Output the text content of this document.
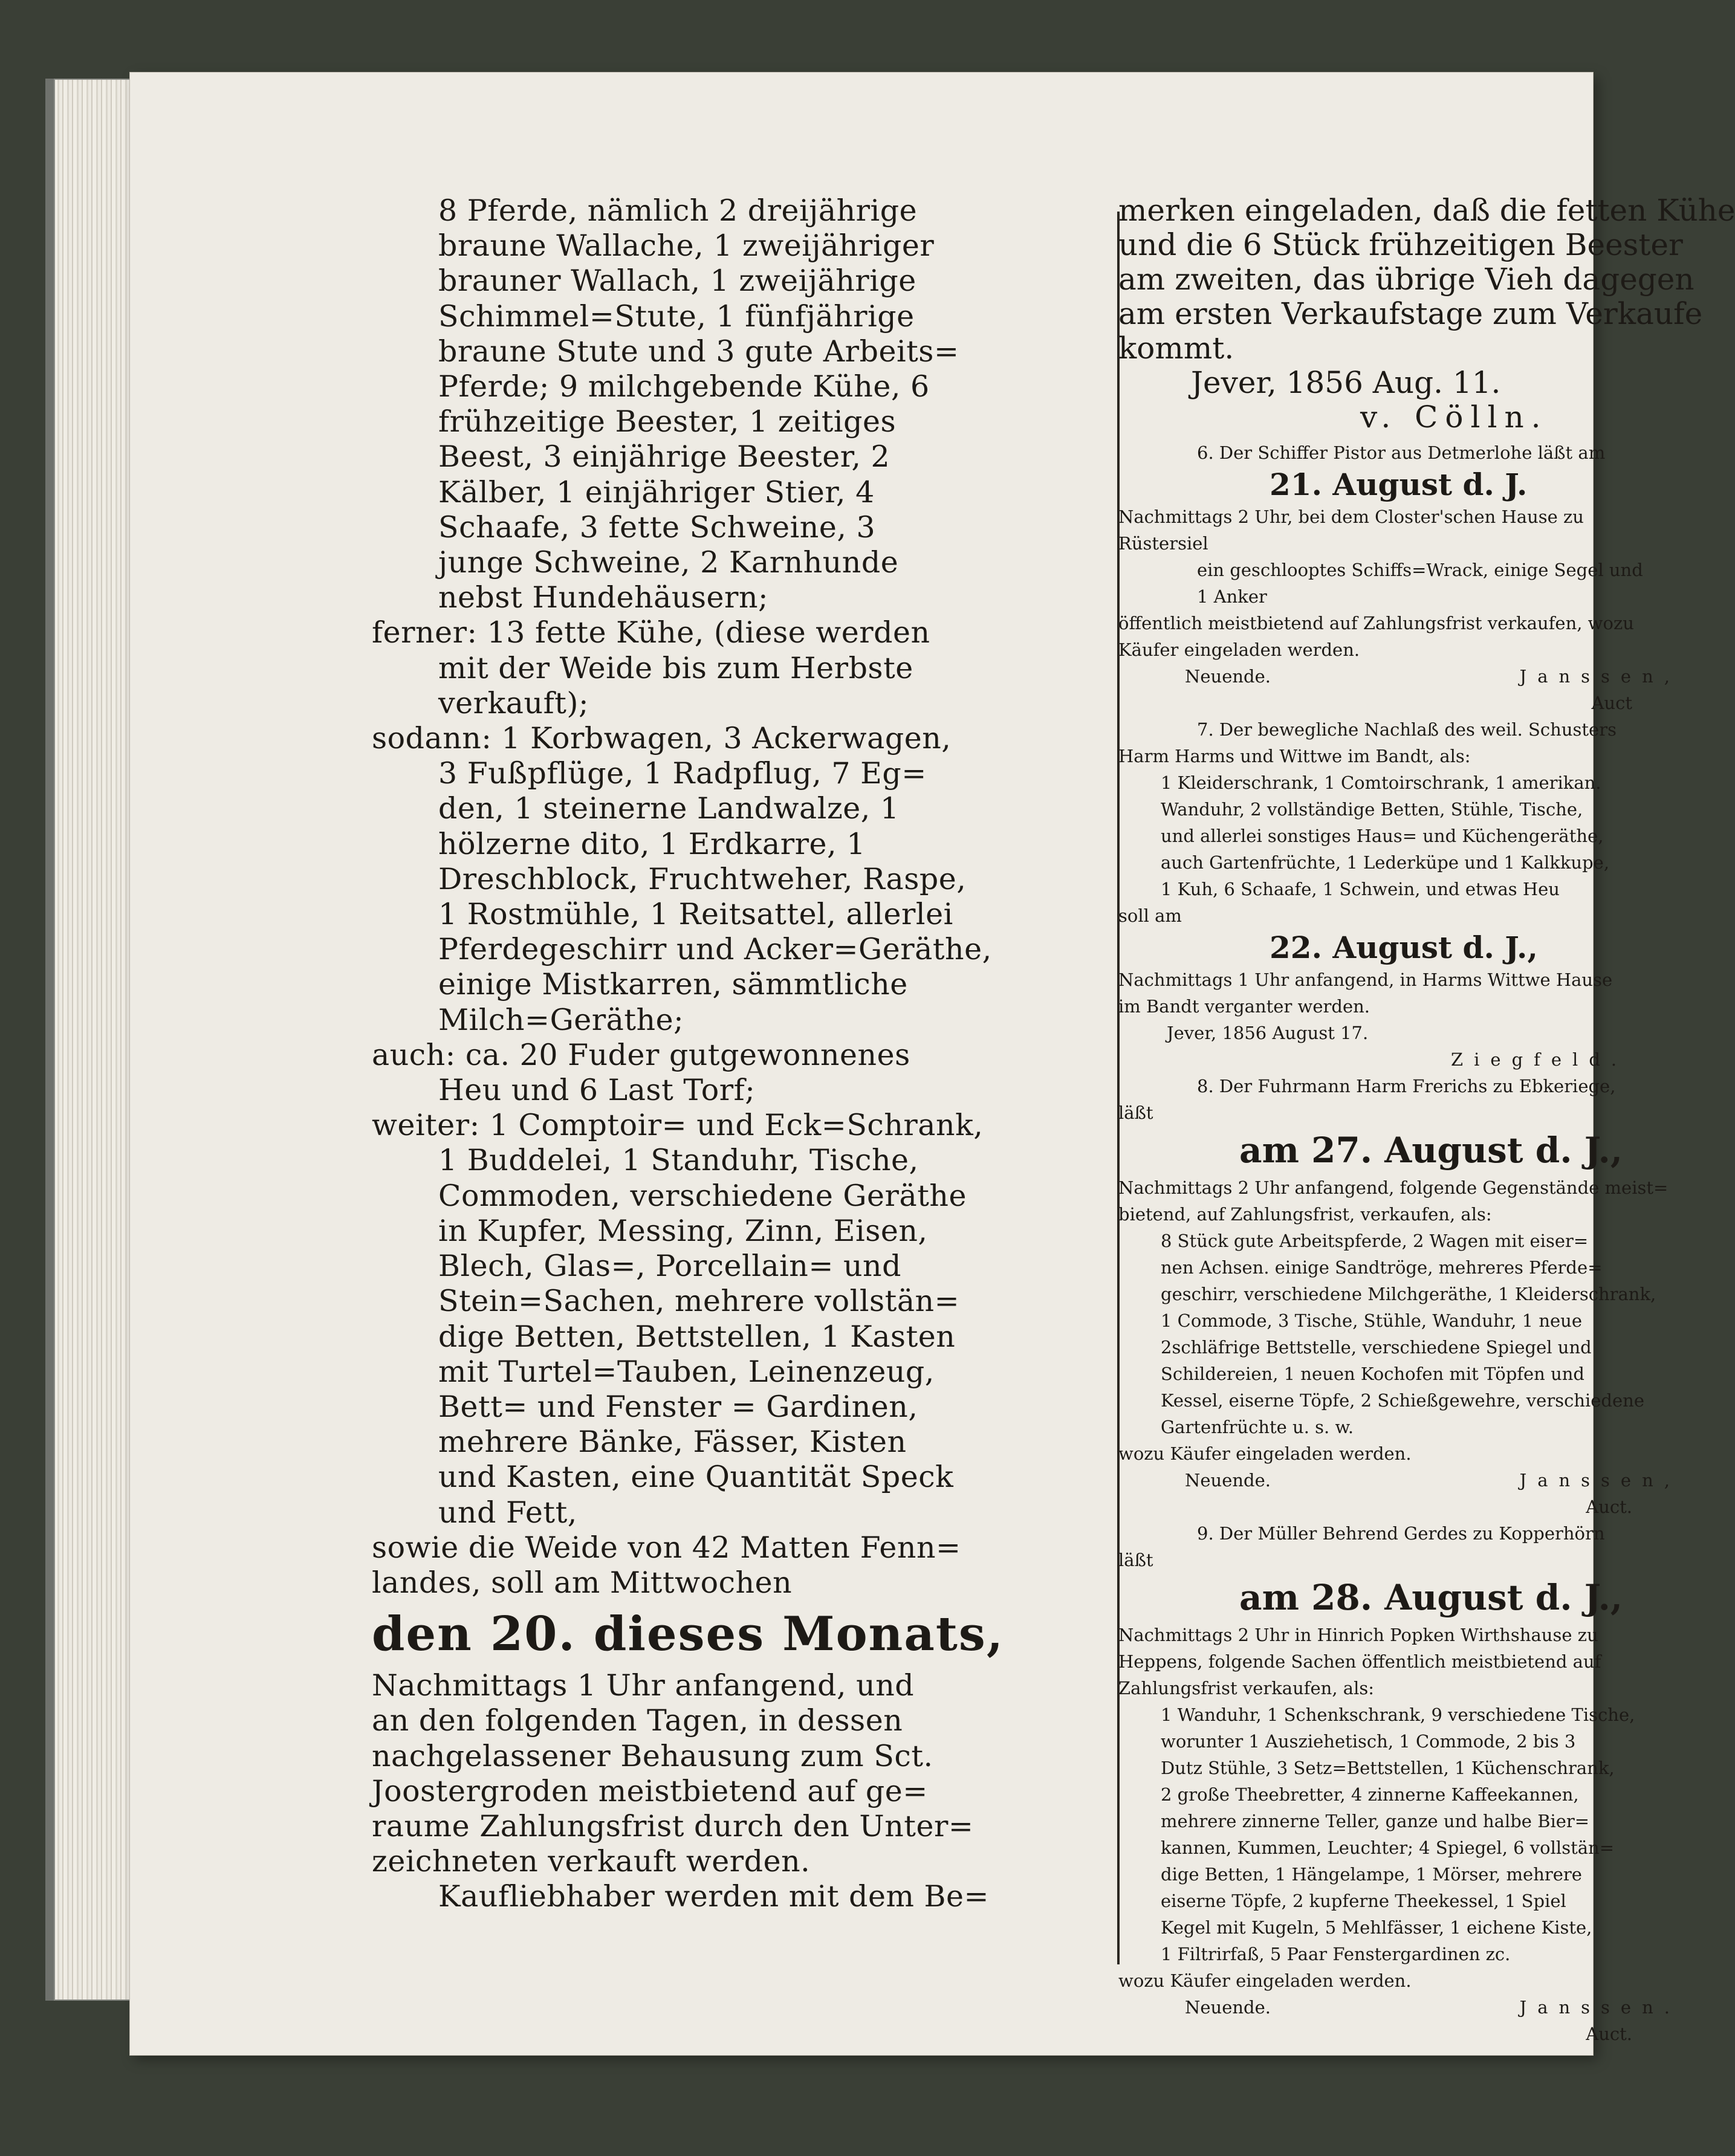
8 Pferde, nämlich 2 dreijährige
braune Wallache, 1 zweijähriger
brauner Wallach, 1 zweijährige
Schimmel=Stute, 1 fünfjährige
braune Stute und 3 gute Arbeits=
Pferde; 9 milchgebende Kühe, 6
frühzeitige Beester, 1 zeitiges
Beest, 3 einjährige Beester, 2
Kälber, 1 einjähriger Stier, 4
Schaafe, 3 fette Schweine, 3
junge Schweine, 2 Karnhunde
nebst Hundehäusern;
ferner: 13 fette Kühe, (diese werden
mit der Weide bis zum Herbste
verkauft);
sodann: 1 Korbwagen, 3 Ackerwagen,
3 Fußpflüge, 1 Radpflug, 7 Eg=
den, 1 steinerne Landwalze, 1
hölzerne dito, 1 Erdkarre, 1
Dreschblock, Fruchtweher, Raspe,
1 Rostmühle, 1 Reitsattel, allerlei
Pferdegeschirr und Acker=Geräthe,
einige Mistkarren, sämmtliche
Milch=Geräthe;
auch: ca. 20 Fuder gutgewonnenes
Heu und 6 Last Torf;
weiter: 1 Comptoir= und Eck=Schrank,
1 Buddelei, 1 Standuhr, Tische,
Commoden, verschiedene Geräthe
in Kupfer, Messing, Zinn, Eisen,
Blech, Glas=, Porcellain= und
Stein=Sachen, mehrere vollstän=
dige Betten, Bettstellen, 1 Kasten
mit Turtel=Tauben, Leinenzeug,
Bett= und Fenster = Gardinen,
mehrere Bänke, Fässer, Kisten
und Kasten, eine Quantität Speck
und Fett,
sowie die Weide von 42 Matten Fenn=
landes, soll am Mittwochen
den 20. dieses Monats,
Nachmittags 1 Uhr anfangend, und
an den folgenden Tagen, in dessen
nachgelassener Behausung zum Sct.
Joostergroden meistbietend auf ge=
raume Zahlungsfrist durch den Unter=
zeichneten verkauft werden.
Kaufliebhaber werden mit dem Be=
merken eingeladen, daß die fetten Kühe
und die 6 Stück frühzeitigen Beester
am zweiten, das übrige Vieh dagegen
am ersten Verkaufstage zum Verkaufe
kommt.
Jever, 1856 Aug. 11.
v. Cölln.
6. Der Schiffer Pistor aus Detmerlohe läßt am
21. August d. J.
Nachmittags 2 Uhr, bei dem Closter'schen Hause zu
Rüstersiel
ein geschlooptes Schiffs=Wrack, einige Segel und
1 Anker
öffentlich meistbietend auf Zahlungsfrist verkaufen, wozu
Käufer eingeladen werden.
Neuende.	Janssen,
Auct
7. Der bewegliche Nachlaß des weil. Schusters
Harm Harms und Wittwe im Bandt, als:
1 Kleiderschrank, 1 Comtoirschrank, 1 amerikan.
Wanduhr, 2 vollständige Betten, Stühle, Tische,
und allerlei sonstiges Haus= und Küchengeräthe,
auch Gartenfrüchte, 1 Lederküpe und 1 Kalkkupe,
1 Kuh, 6 Schaafe, 1 Schwein, und etwas Heu
soll am
22. August d. J.,
Nachmittags 1 Uhr anfangend, in Harms Wittwe Hause
im Bandt verganter werden.
Jever, 1856 August 17.
Ziegfeld.
8. Der Fuhrmann Harm Frerichs zu Ebkeriege,
läßt
am 27. August d. J.,
Nachmittags 2 Uhr anfangend, folgende Gegenstände meist=
bietend, auf Zahlungsfrist, verkaufen, als:
8 Stück gute Arbeitspferde, 2 Wagen mit eiser=
nen Achsen. einige Sandtröge, mehreres Pferde=
geschirr, verschiedene Milchgeräthe, 1 Kleiderschrank,
1 Commode, 3 Tische, Stühle, Wanduhr, 1 neue
2schläfrige Bettstelle, verschiedene Spiegel und
Schildereien, 1 neuen Kochofen mit Töpfen und
Kessel, eiserne Töpfe, 2 Schießgewehre, verschiedene
Gartenfrüchte u. s. w.
wozu Käufer eingeladen werden.
Neuende.	Janssen,
Auct.
9. Der Müller Behrend Gerdes zu Kopperhörn
läßt
am 28. August d. J.,
Nachmittags 2 Uhr in Hinrich Popken Wirthshause zu
Heppens, folgende Sachen öffentlich meistbietend auf
Zahlungsfrist verkaufen, als:
1 Wanduhr, 1 Schenkschrank, 9 verschiedene Tische,
worunter 1 Ausziehetisch, 1 Commode, 2 bis 3
Dutz Stühle, 3 Setz=Bettstellen, 1 Küchenschrank,
2 große Theebretter, 4 zinnerne Kaffeekannen,
mehrere zinnerne Teller, ganze und halbe Bier=
kannen, Kummen, Leuchter; 4 Spiegel, 6 vollstän=
dige Betten, 1 Hängelampe, 1 Mörser, mehrere
eiserne Töpfe, 2 kupferne Theekessel, 1 Spiel
Kegel mit Kugeln, 5 Mehlfässer, 1 eichene Kiste,
1 Filtrirfaß, 5 Paar Fenstergardinen zc.
wozu Käufer eingeladen werden.
Neuende.	Janssen.
Auct.
